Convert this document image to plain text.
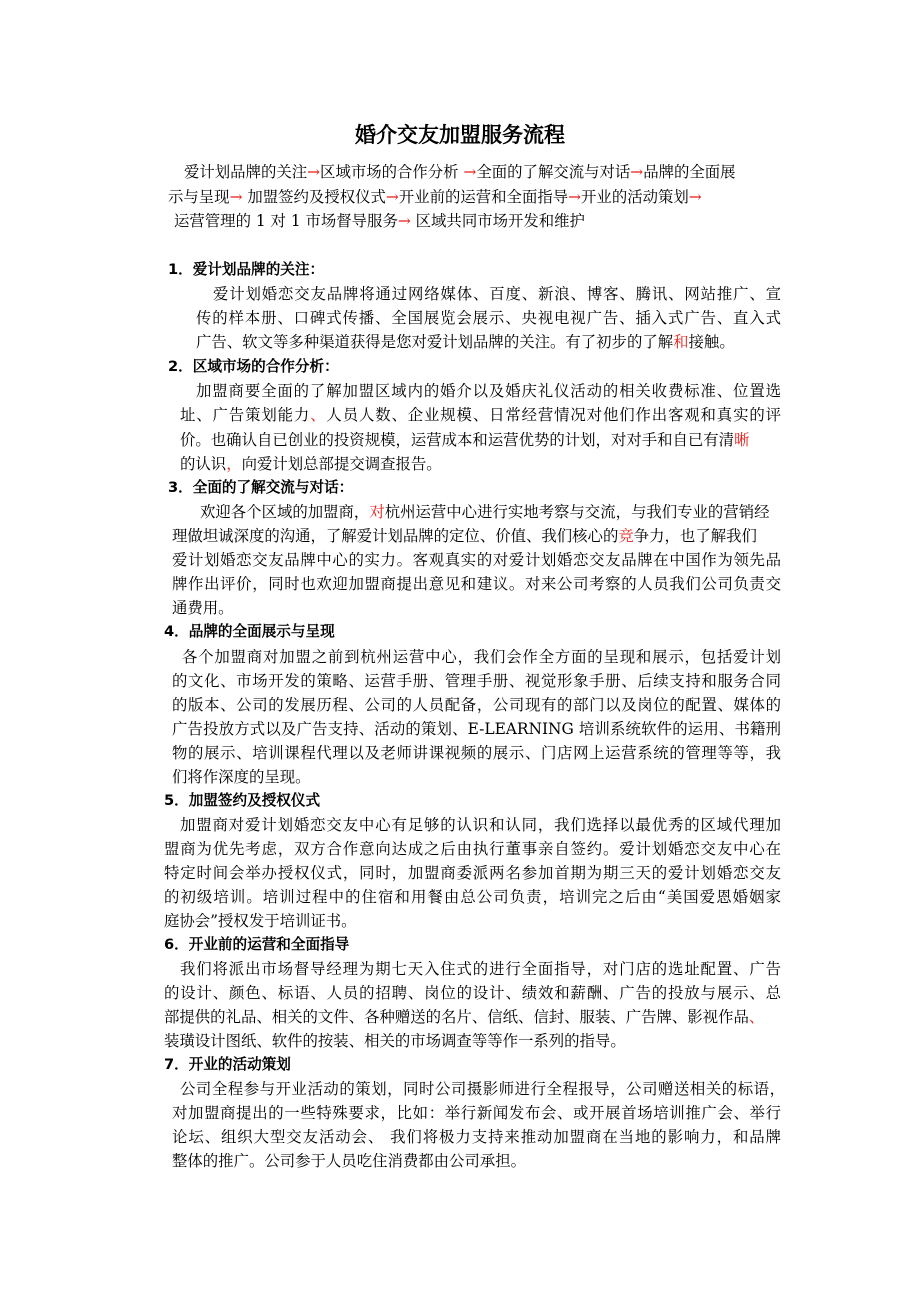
婚介交友加盟服务流程
爱计划品牌的关注→区域市场的合作分析 →全面的了解交流与对话→品牌的全面展
示与呈现→ 加盟签约及授权仪式→开业前的运营和全面指导→开业的活动策划→
运营管理的 1 对 1 市场督导服务→ 区域共同市场开发和维护
1．爱计划品牌的关注：
爱计划婚恋交友品牌将通过网络媒体、百度、新浪、博客、腾讯、网站推广、宣
传的样本册、口碑式传播、全国展览会展示、央视电视广告、插入式广告、直入式
广告、软文等多种渠道获得是您对爱计划品牌的关注。有了初步的了解和接触。
2．区域市场的合作分析：
加盟商要全面的了解加盟区域内的婚介以及婚庆礼仪活动的相关收费标准、位置选
址、广告策划能力、人员人数、企业规模、日常经营情况对他们作出客观和真实的评
价。也确认自已创业的投资规模，运营成本和运营优势的计划，对对手和自已有清晰
的认识，向爱计划总部提交调查报告。
3．全面的了解交流与对话：
欢迎各个区域的加盟商，对杭州运营中心进行实地考察与交流，与我们专业的营销经
理做坦诚深度的沟通，了解爱计划品牌的定位、价值、我们核心的竞争力，也了解我们
爱计划婚恋交友品牌中心的实力。客观真实的对爱计划婚恋交友品牌在中国作为领先品
牌作出评价，同时也欢迎加盟商提出意见和建议。对来公司考察的人员我们公司负责交
通费用。
4．品牌的全面展示与呈现
各个加盟商对加盟之前到杭州运营中心，我们会作全方面的呈现和展示，包括爱计划
的文化、市场开发的策略、运营手册、管理手册、视觉形象手册、后续支持和服务合同
的版本、公司的发展历程、公司的人员配备，公司现有的部门以及岗位的配置、媒体的
广告投放方式以及广告支持、活动的策划、E-LEARNING 培训系统软件的运用、书籍刑
物的展示、培训课程代理以及老师讲课视频的展示、门店网上运营系统的管理等等，我
们将作深度的呈现。
5．加盟签约及授权仪式
加盟商对爱计划婚恋交友中心有足够的认识和认同，我们选择以最优秀的区域代理加
盟商为优先考虑，双方合作意向达成之后由执行董事亲自签约。爱计划婚恋交友中心在
特定时间会举办授权仪式，同时，加盟商委派两名参加首期为期三天的爱计划婚恋交友
的初级培训。培训过程中的住宿和用餐由总公司负责，培训完之后由“美国爱恩婚姻家
庭协会”授权发于培训证书。
6．开业前的运营和全面指导
我们将派出市场督导经理为期七天入住式的进行全面指导，对门店的选址配置、广告
的设计、颜色、标语、人员的招聘、岗位的设计、绩效和薪酬、广告的投放与展示、总
部提供的礼品、相关的文件、各种赠送的名片、信纸、信封、服装、广告牌、影视作品、
装璜设计图纸、软件的按装、相关的市场调查等等作一系列的指导。
7．开业的活动策划
公司全程参与开业活动的策划，同时公司摄影师进行全程报导，公司赠送相关的标语，
对加盟商提出的一些特殊要求，比如：举行新闻发布会、或开展首场培训推广会、举行
论坛、组织大型交友活动会、 我们将极力支持来推动加盟商在当地的影响力，和品牌
整体的推广。公司参于人员吃住消费都由公司承担。
